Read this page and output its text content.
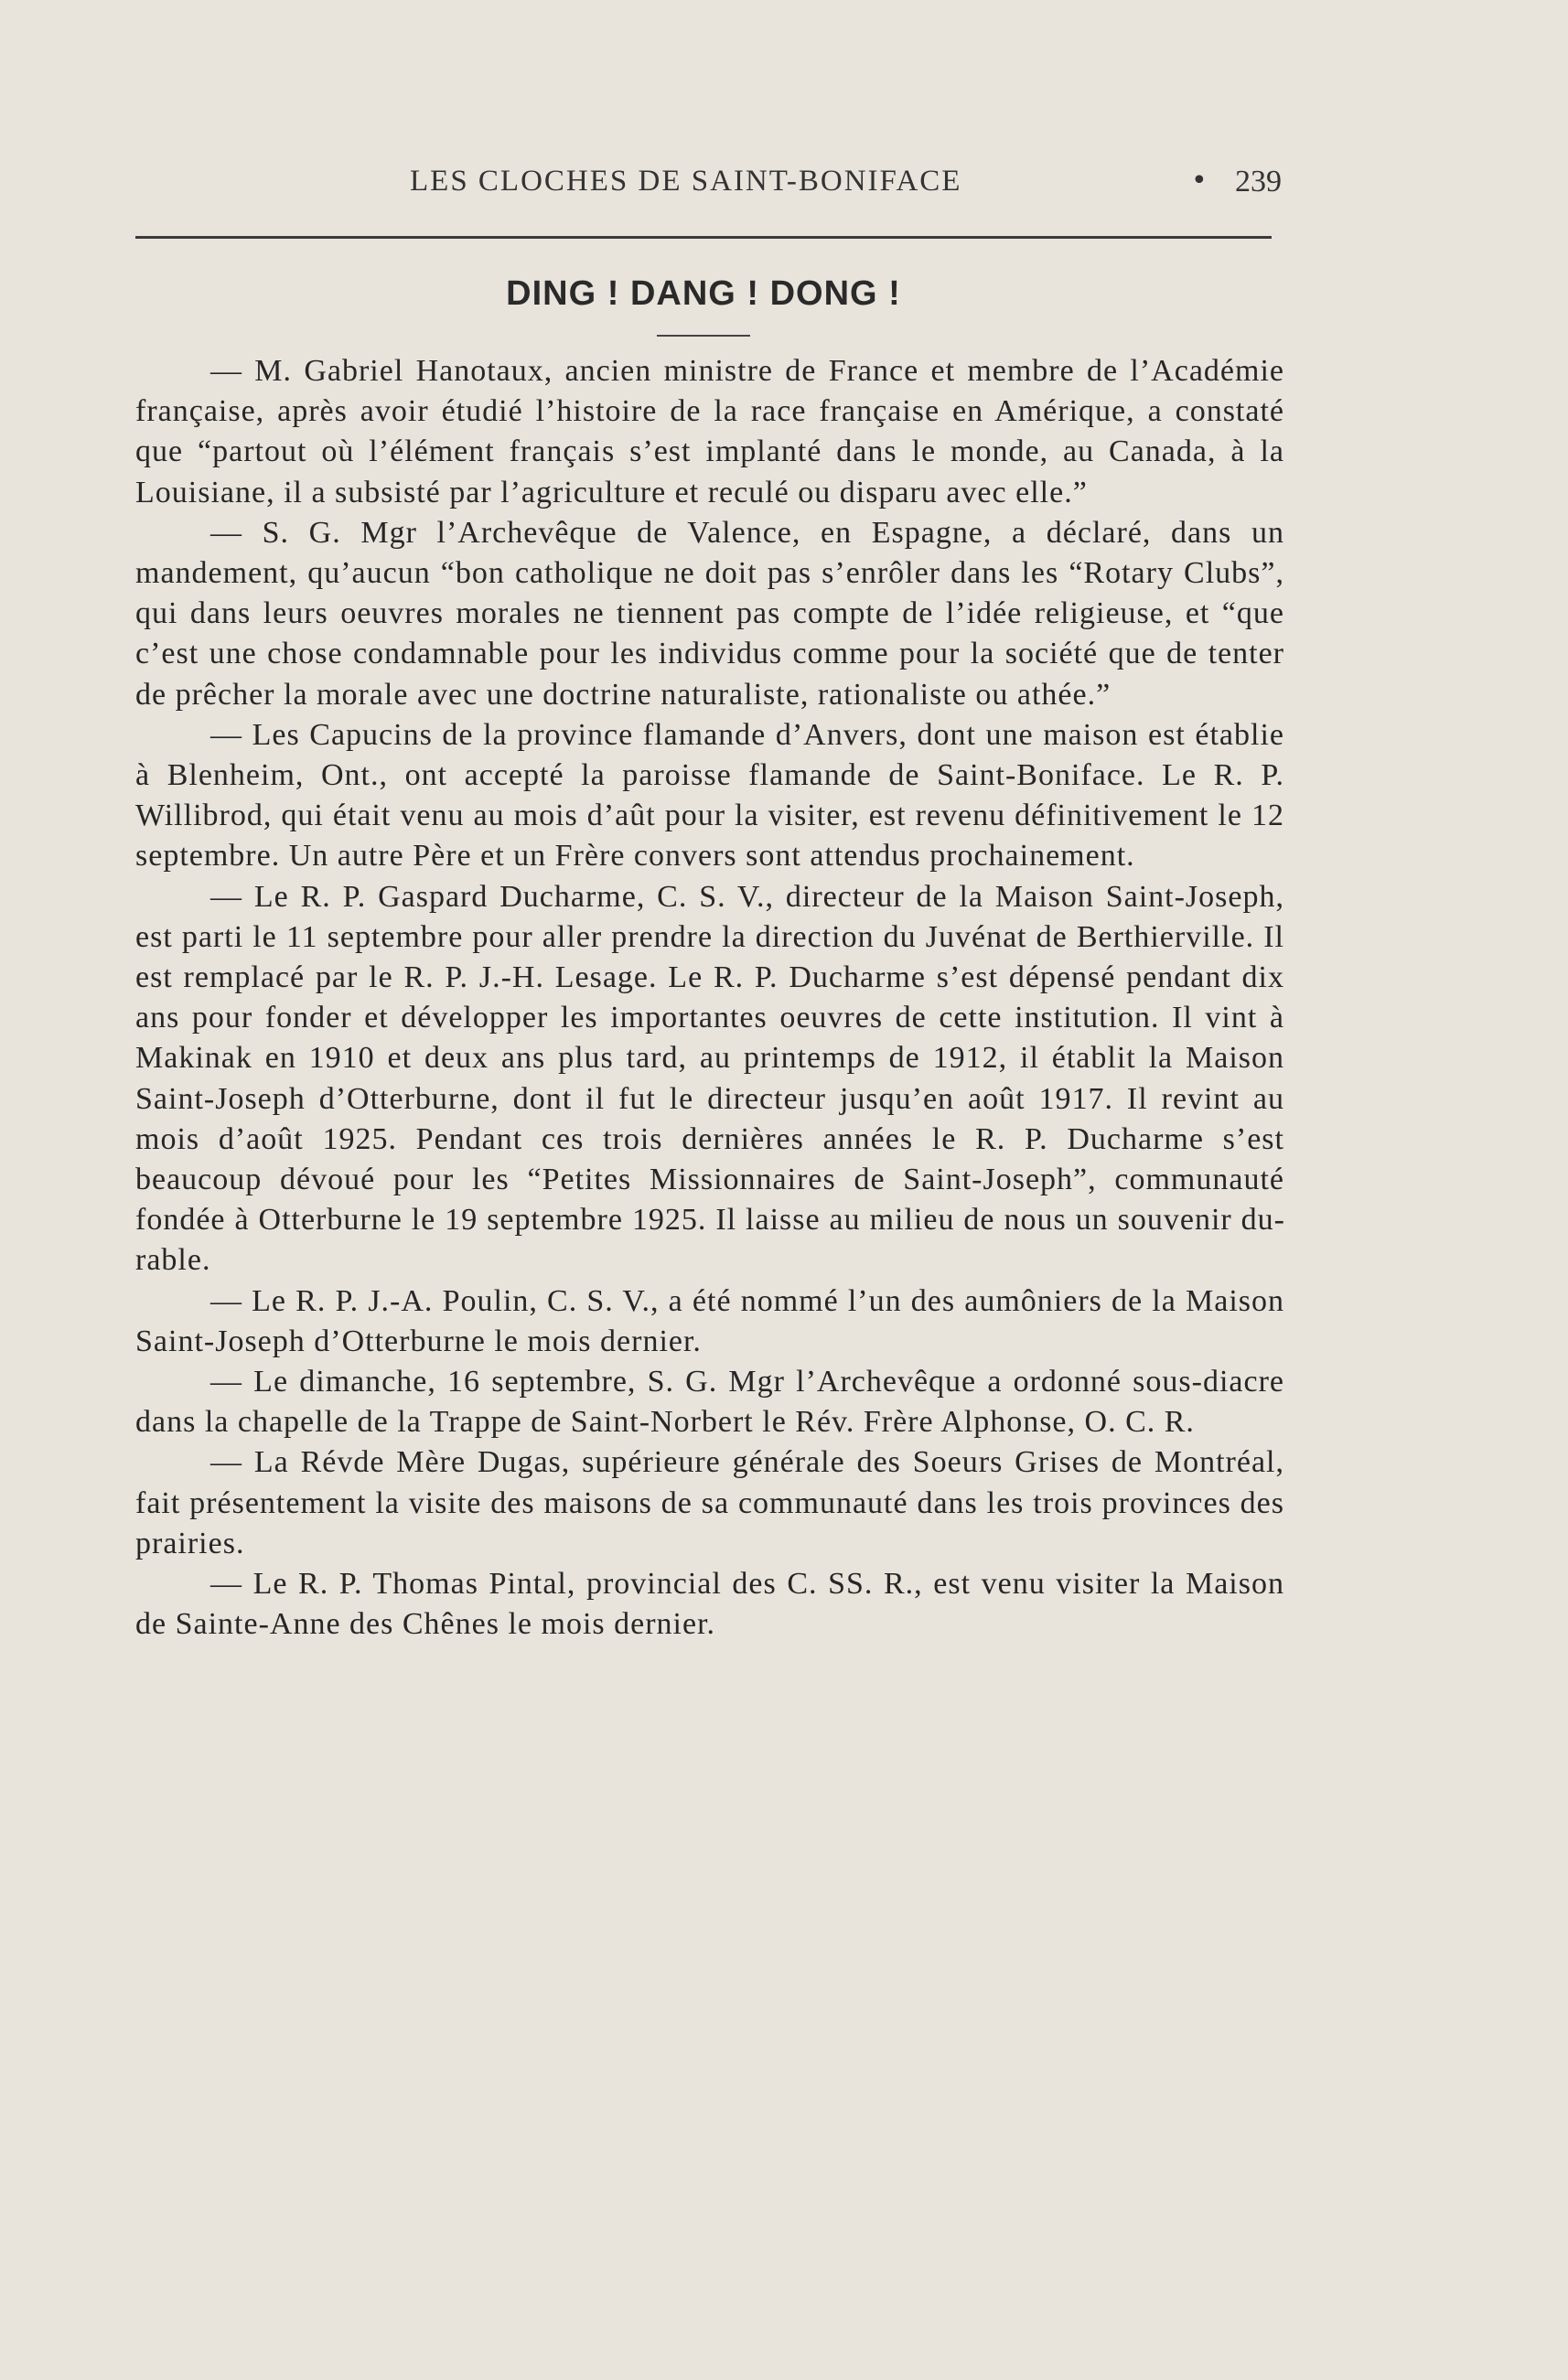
LES CLOCHES DE SAINT-BONIFACE	• 239
DING ! DANG ! DONG !

— M. Gabriel Hanotaux, ancien ministre de France et membre de l’Académie française, après avoir étudié l’histoire de la race française en Amérique, a constaté que “partout où l’élément français s’est implanté dans le monde, au Canada, à la Louisiane, il a subsisté par l’agriculture et reculé ou disparu avec elle.”

— S. G. Mgr l’Archevêque de Valence, en Espagne, a déclaré, dans un mandement, qu’aucun “bon catholique ne doit pas s’enrôler dans les “Rotary Clubs”, qui dans leurs oeuvres morales ne tiennent pas compte de l’idée religieuse, et “que c’est une chose condamnable pour les individus comme pour la société que de tenter de prêcher la morale avec une doctrine naturaliste, rationaliste ou athée.”

— Les Capucins de la province flamande d’Anvers, dont une maison est établie à Blenheim, Ont., ont accepté la paroisse flamande de Saint-Boniface. Le R. P. Willibrod, qui était venu au mois d’aût pour la visiter, est revenu définitivement le 12 septembre. Un autre Père et un Frère convers sont attendus prochainement.

— Le R. P. Gaspard Ducharme, C. S. V., directeur de la Maison Saint-Joseph, est parti le 11 septembre pour aller prendre la direction du Juvénat de Berthierville. Il est remplacé par le R. P. J.-H. Lesage. Le R. P. Ducharme s’est dépensé pendant dix ans pour fonder et développer les importantes oeuvres de cette institution. Il vint à Makinak en 1910 et deux ans plus tard, au printemps de 1912, il établit la Maison Saint-Joseph d’Otterburne, dont il fut le directeur jusqu’en août 1917. Il revint au mois d’août 1925. Pendant ces trois dernières années le R. P. Ducharme s’est beaucoup dévoué pour les “Petites Missionnaires de Saint-Joseph”, communauté fondée à Otterburne le 19 septembre 1925. Il laisse au milieu de nous un souvenir durable.

— Le R. P. J.-A. Poulin, C. S. V., a été nommé l’un des aumôniers de la Maison Saint-Joseph d’Otterburne le mois dernier.

— Le dimanche, 16 septembre, S. G. Mgr l’Archevêque a ordonné sous-diacre dans la chapelle de la Trappe de Saint-Norbert le Rév. Frère Alphonse, O. C. R.

— La Révde Mère Dugas, supérieure générale des Soeurs Grises de Montréal, fait présentement la visite des maisons de sa communauté dans les trois provinces des prairies.

— Le R. P. Thomas Pintal, provincial des C. SS. R., est venu visiter la Maison de Sainte-Anne des Chênes le mois dernier.
